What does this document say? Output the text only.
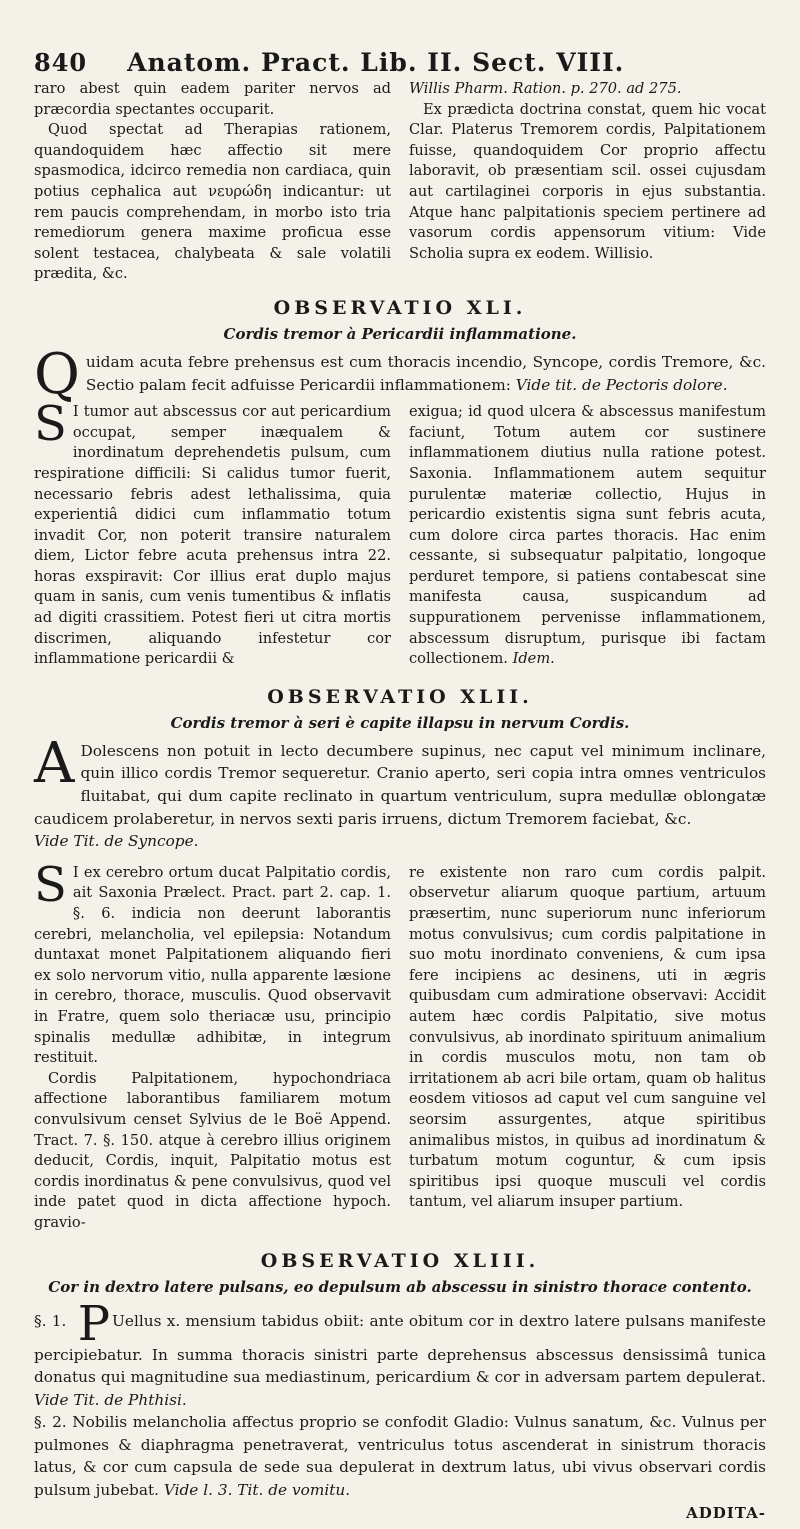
840 Anatom. Pract. Lib. II. Sect. VIII.

raro abest quin eadem pariter nervos ad præcordia spectantes occuparit.

Quod spectat ad Therapias rationem, quandoquidem hæc affectio sit mere spasmodica, idcirco remedia non cardiaca, quin potius cephalica aut νευρώδη indicantur: ut rem paucis comprehendam, in morbo isto tria remediorum genera maxime proficua esse solent testacea, chalybeata & sale volatili prædita, &c.

Willis Pharm. Ration. p. 270. ad 275.

Ex prædicta doctrina constat, quem hic vocat Clar. Platerus Tremorem cordis, Palpitationem fuisse, quandoquidem Cor proprio affectu laboravit, ob præsentiam scil. ossei cujusdam aut cartilaginei corporis in ejus substantia. Atque hanc palpitationis speciem pertinere ad vasorum cordis appensorum vitium: Vide Scholia supra ex eodem. Willisio.

OBSERVATIO XLI.
Cordis tremor à Pericardii inflammatione.
Q uidam acuta febre prehensus est cum thoracis incendio, Syncope, cordis Tremore, &c. Sectio palam fecit adfuisse Pericardii inflammationem: Vide tit. de Pectoris dolore.
S I tumor aut abscessus cor aut pericardium occupat, semper inæqualem & inordinatum deprehendetis pulsum, cum respiratione difficili: Si calidus tumor fuerit, necessario febris adest lethalissima, quia experientiâ didici cum inflammatio totum invadit Cor, non poterit transire naturalem diem, Lictor febre acuta prehensus intra 22. horas exspiravit: Cor illius erat duplo majus quam in sanis, cum venis tumentibus & inflatis ad digiti crassitiem. Potest fieri ut citra mortis discrimen, aliquando infestetur cor inflammatione pericardii &
exigua; id quod ulcera & abscessus manifestum faciunt, Totum autem cor sustinere inflammationem diutius nulla ratione potest. Saxonia. Inflammationem autem sequitur purulentæ materiæ collectio, Hujus in pericardio existentis signa sunt febris acuta, cum dolore circa partes thoracis. Hac enim cessante, si subsequatur palpitatio, longoque perduret tempore, si patiens contabescat sine manifesta causa, suspicandum ad suppurationem pervenisse inflammationem, abscessum disruptum, purisque ibi factam collectionem. Idem.
OBSERVATIO XLII.
Cordis tremor à seri è capite illapsu in nervum Cordis.
A Dolescens non potuit in lecto decumbere supinus, nec caput vel minimum inclinare, quin illico cordis Tremor sequeretur. Cranio aperto, seri copia intra omnes ventriculos fluitabat, qui dum capite reclinato in quartum ventriculum, supra medullæ oblongatæ caudicem prolaberetur, in nervos sexti paris irruens, dictum Tremorem faciebat, &c.
Vide Tit. de Syncope.
S I ex cerebro ortum ducat Palpitatio cordis, ait Saxonia Prælect. Pract. part 2. cap. 1. §. 6. indicia non deerunt laborantis cerebri, melancholia, vel epilepsia: Notandum duntaxat monet Palpitationem aliquando fieri ex solo nervorum vitio, nulla apparente læsione in cerebro, thorace, musculis. Quod observavit in Fratre, quem solo theriacæ usu, principio spinalis medullæ adhibitæ, in integrum restituit.

Cordis Palpitationem, hypochondriaca affectione laborantibus familiarem motum convulsivum censet Sylvius de le Boë Append. Tract. 7. §. 150. atque à cerebro illius originem deducit, Cordis, inquit, Palpitatio motus est cordis inordinatus & pene convulsivus, quod vel inde patet quod in dicta affectione hypoch. gravio-

re existente non raro cum cordis palpit. observetur aliarum quoque partium, artuum præsertim, nunc superiorum nunc inferiorum motus convulsivus; cum cordis palpitatione in suo motu inordinato conveniens, & cum ipsa fere incipiens ac desinens, uti in ægris quibusdam cum admiratione observavi: Accidit autem hæc cordis Palpitatio, sive motus convulsivus, ab inordinato spirituum animalium in cordis musculos motu, non tam ob irritationem ab acri bile ortam, quam ob halitus eosdem vitiosos ad caput vel cum sanguine vel seorsim assurgentes, atque spiritibus animalibus mistos, in quibus ad inordinatum & turbatum motum coguntur, & cum ipsis spiritibus ipsi quoque musculi vel cordis tantum, vel aliarum insuper partium.
OBSERVATIO XLIII.
Cor in dextro latere pulsans, eo depulsum ab abscessu in sinistro thorace contento.
§. 1. P Uellus x. mensium tabidus obiit: ante obitum cor in dextro latere pulsans manifeste percipiebatur. In summa thoracis sinistri parte deprehensus abscessus densissimâ tunica donatus qui magnitudine sua mediastinum, pericardium & cor in adversam partem depulerat. Vide Tit. de Phthisi.
§. 2. Nobilis melancholia affectus proprio se confodit Gladio: Vulnus sanatum, &c. Vulnus per pulmones & diaphragma penetraverat, ventriculus totus ascenderat in sinistrum thoracis latus, & cor cum capsula de sede sua depulerat in dextrum latus, ubi vivus observari cordis pulsum jubebat. Vide l. 3. Tit. de vomitu.
ADDITA-
